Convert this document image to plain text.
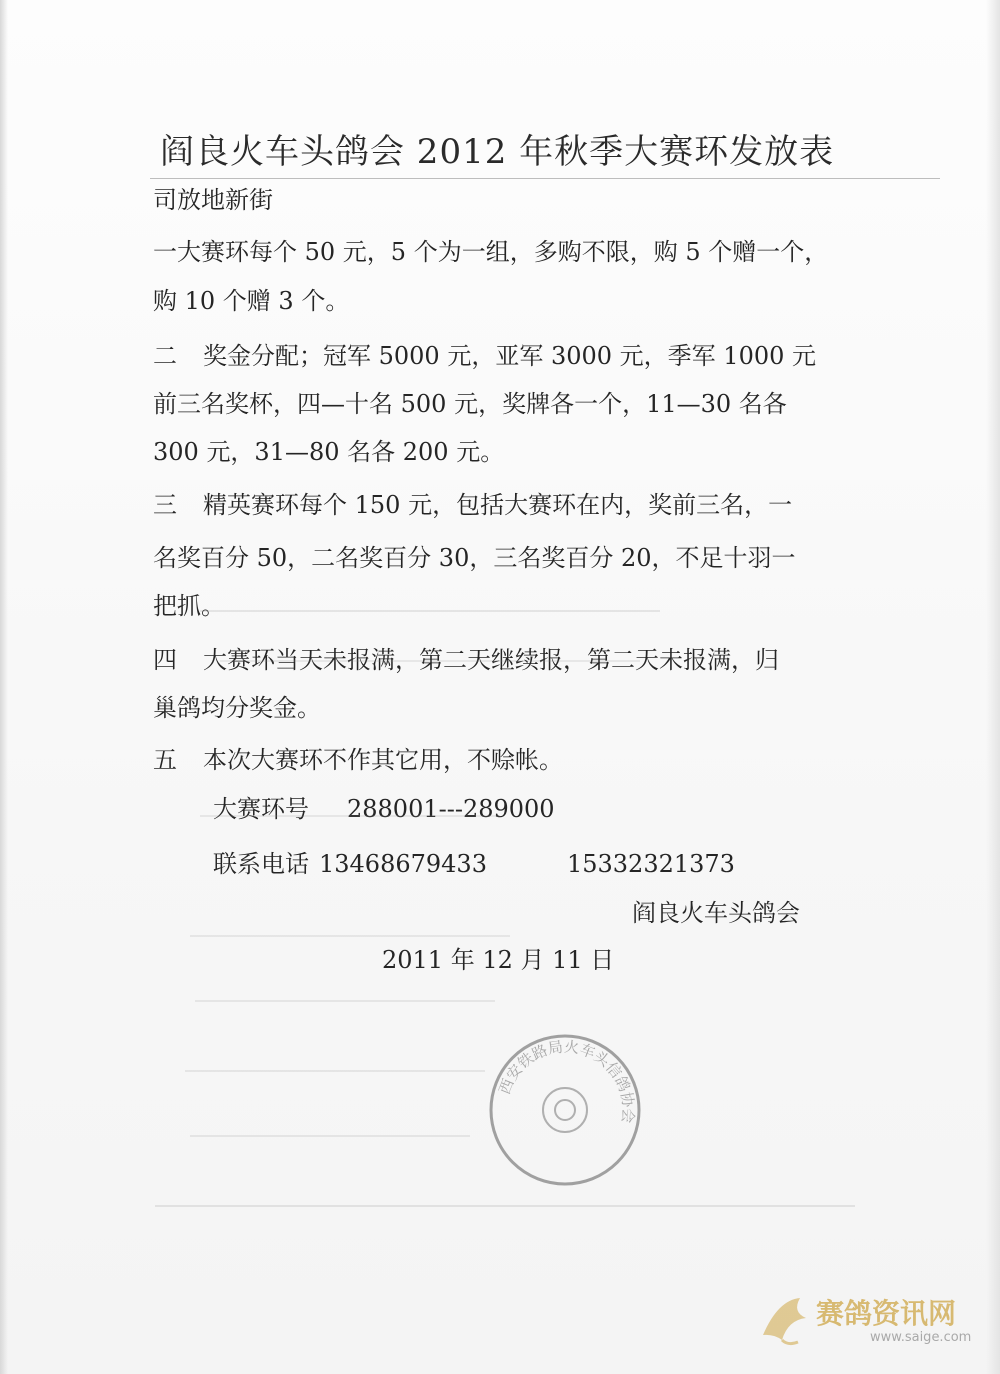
阎良火车头鸽会 2012 年秋季大赛环发放表
司放地新街
一大赛环每个 50 元，5 个为一组，多购不限，购 5 个赠一个，
购 10 个赠 3 个。
二 奖金分配；冠军 5000 元，亚军 3000 元，季军 1000 元
前三名奖杯，四—十名 500 元，奖牌各一个，11—30 名各
300 元，31—80 名各 200 元。
三 精英赛环每个 150 元，包括大赛环在内，奖前三名，一
名奖百分 50，二名奖百分 30，三名奖百分 20，不足十羽一
把抓。
四 大赛环当天未报满，第二天继续报，第二天未报满，归
巢鸽均分奖金。
五 本次大赛环不作其它用，不赊帐。
大赛环号 288001---289000
联系电话 13468679433	15332321373
阎良火车头鸽会
2011 年 12 月 11 日
西安铁路局火车头信鸽协会
赛鸽资讯网
www.saige.com
